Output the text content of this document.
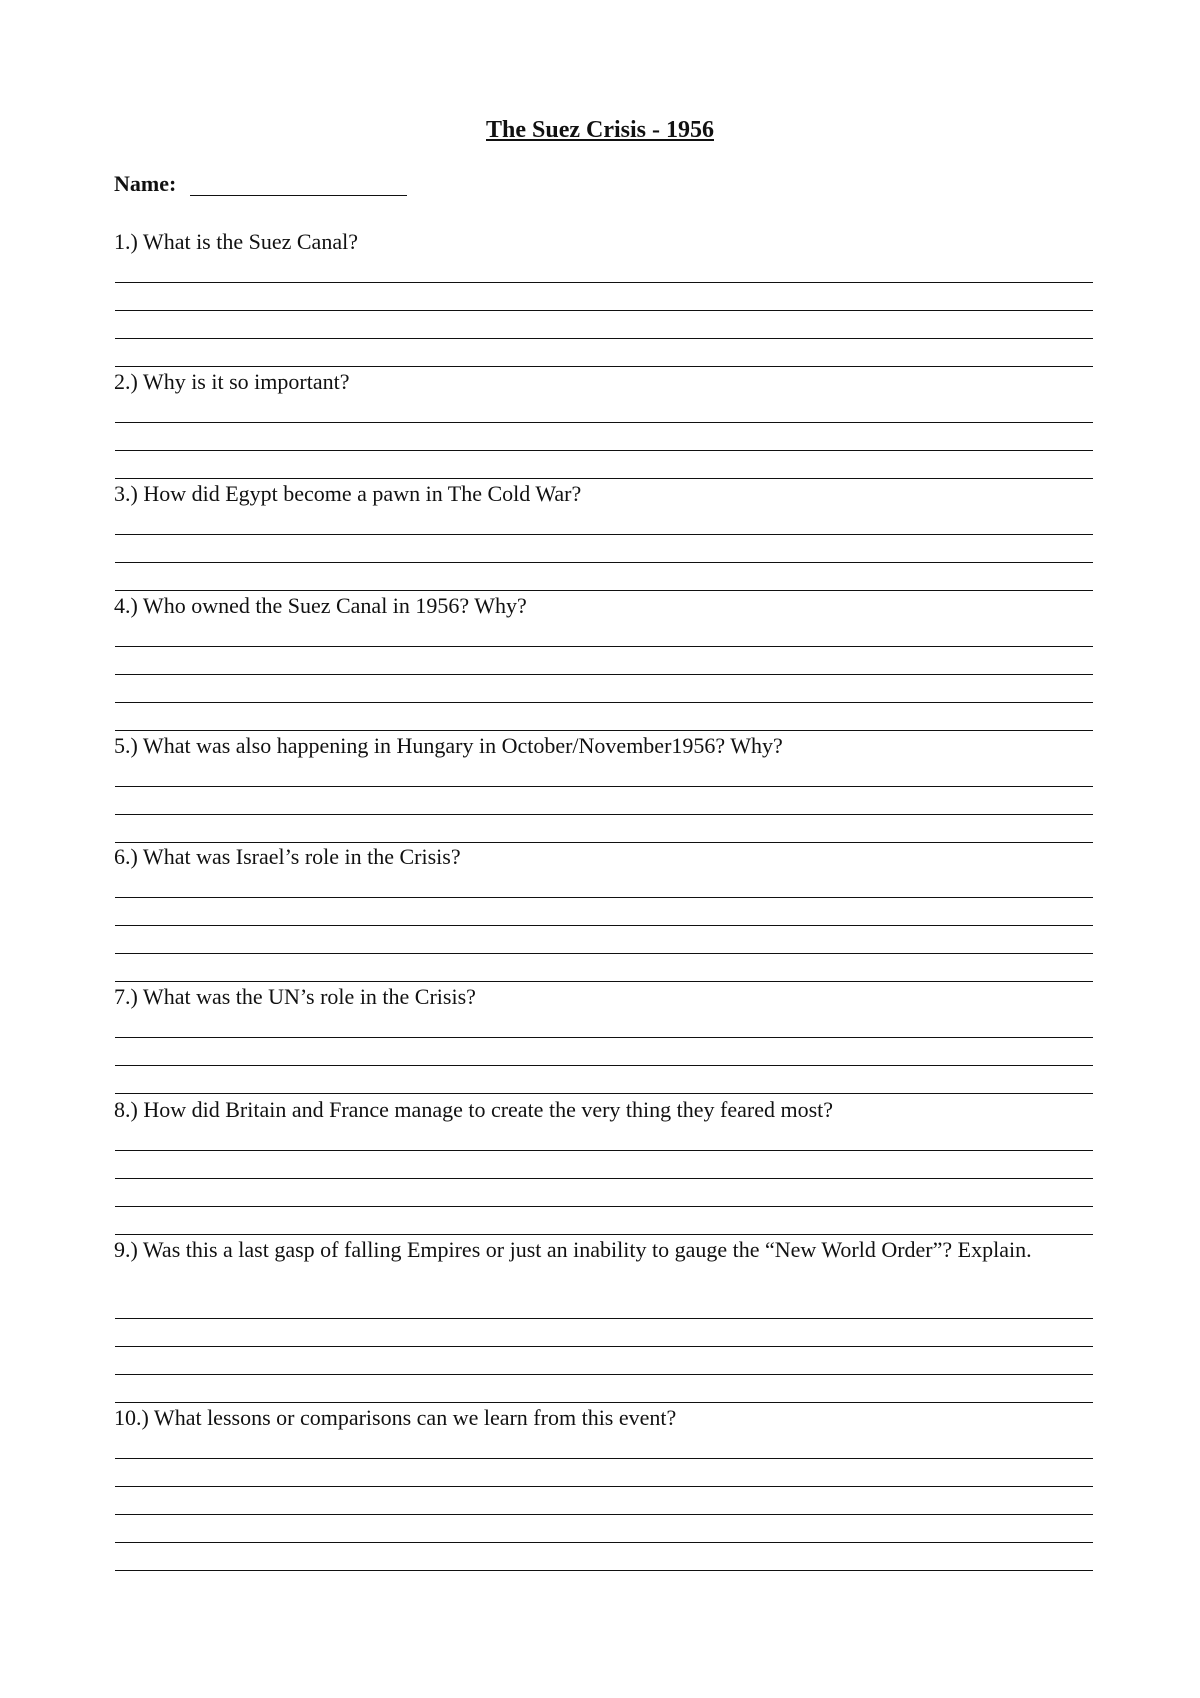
The Suez Crisis - 1956
Name:
1.) What is the Suez Canal?
2.) Why is it so important?
3.) How did Egypt become a pawn in The Cold War?
4.) Who owned the Suez Canal in 1956? Why?
5.) What was also happening in Hungary in October/November1956? Why?
6.) What was Israel’s role in the Crisis?
7.) What was the UN’s role in the Crisis?
8.) How did Britain and France manage to create the very thing they feared most?
9.) Was this a last gasp of falling Empires or just an inability to gauge the “New World Order”? Explain.
10.) What lessons or comparisons can we learn from this event?
